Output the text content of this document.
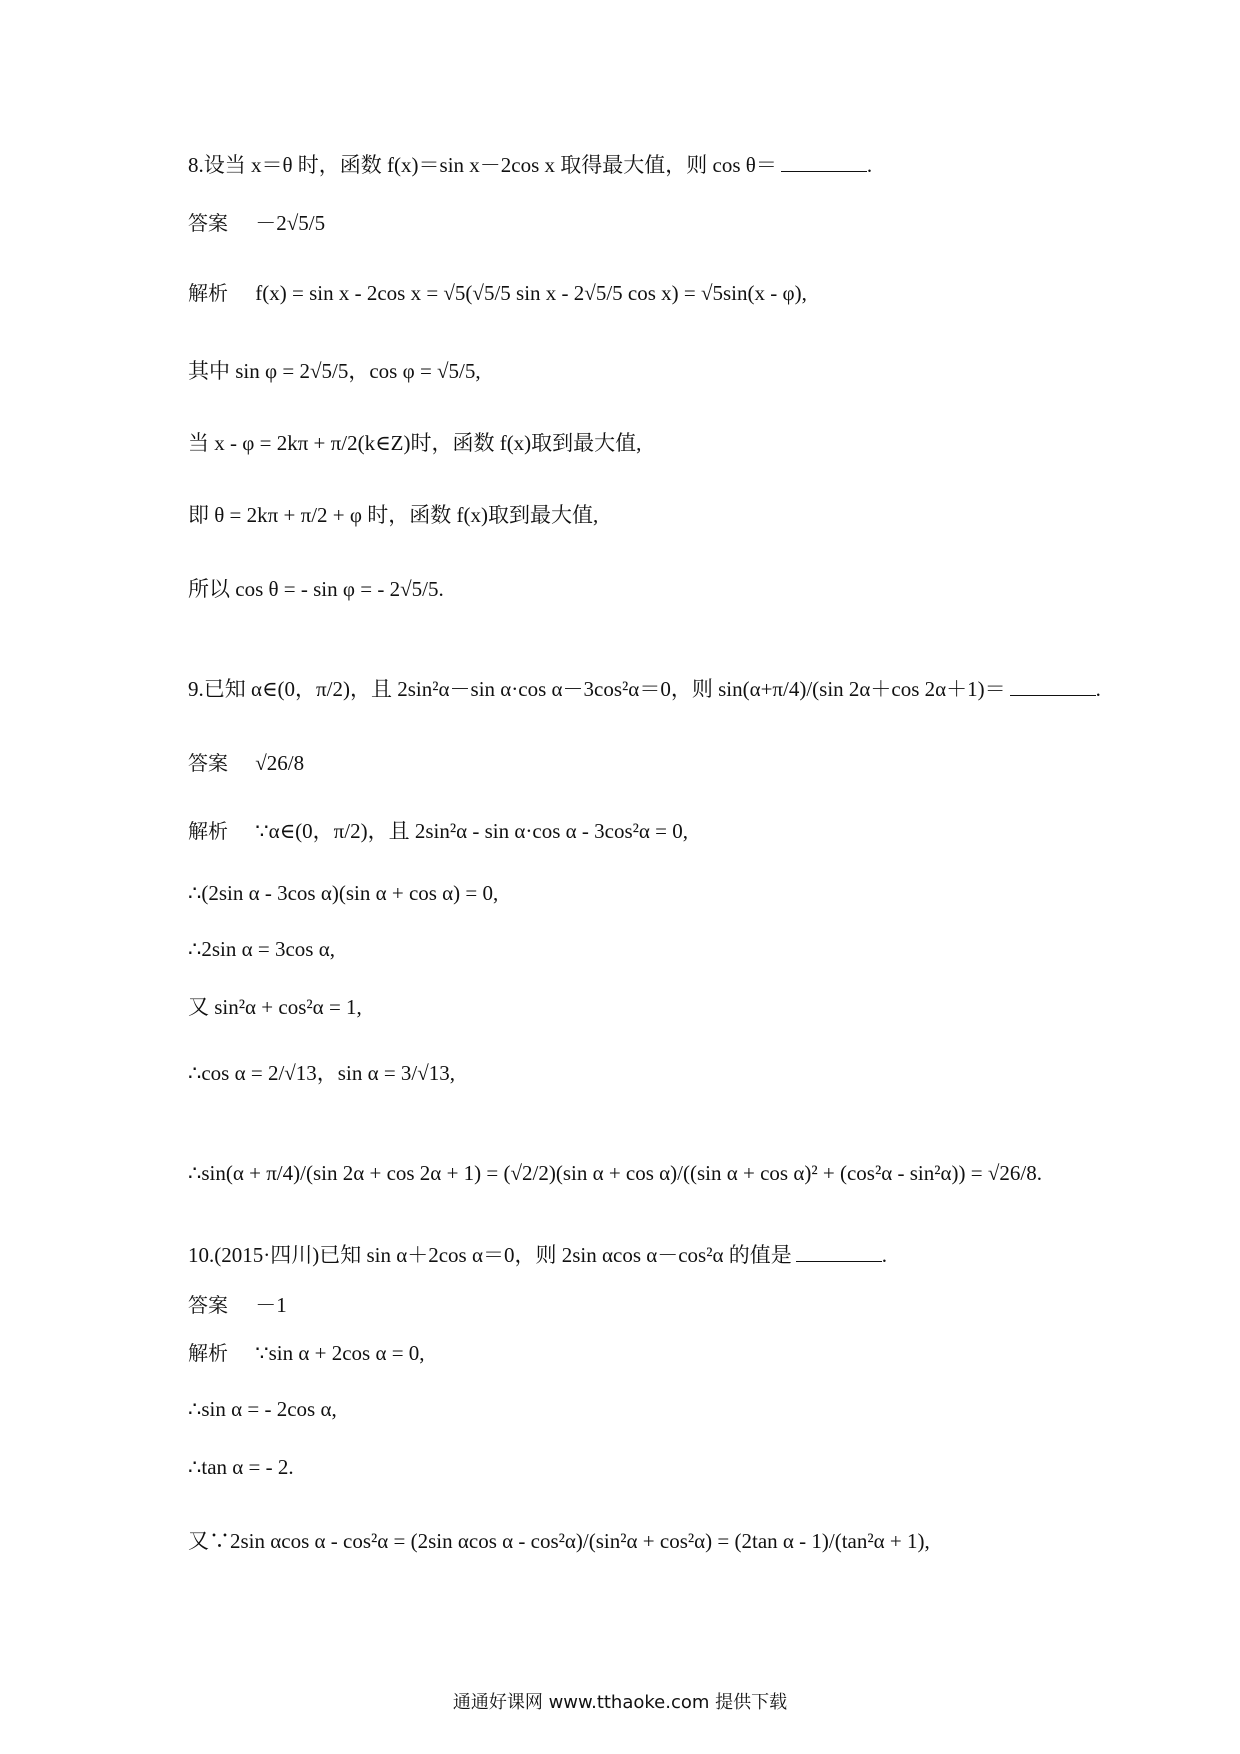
8.设当 x＝θ 时，函数 f(x)＝sin x－2cos x 取得最大值，则 cos θ＝	.
答案 －2√5/5
解析 f(x) = sin x - 2cos x = √5(√5/5 sin x - 2√5/5 cos x) = √5sin(x - φ),
其中 sin φ = 2√5/5，cos φ = √5/5,
当 x - φ = 2kπ + π/2(k∈Z)时，函数 f(x)取到最大值,
即 θ = 2kπ + π/2 + φ 时，函数 f(x)取到最大值,
所以 cos θ = - sin φ = - 2√5/5.
9.已知 α∈(0，π/2)，且 2sin²α－sin α·cos α－3cos²α＝0，则 sin(α+π/4)/(sin 2α＋cos 2α＋1)＝	.
答案 √26/8
解析 ∵α∈(0，π/2)，且 2sin²α - sin α·cos α - 3cos²α = 0,
∴(2sin α - 3cos α)(sin α + cos α) = 0,
∴2sin α = 3cos α,
又 sin²α + cos²α = 1,
∴cos α = 2/√13，sin α = 3/√13,
∴sin(α + π/4)/(sin 2α + cos 2α + 1) = (√2/2)(sin α + cos α)/((sin α + cos α)² + (cos²α - sin²α)) = √26/8.
10.(2015·四川)已知 sin α＋2cos α＝0，则 2sin αcos α－cos²α 的值是	.
答案 －1
解析 ∵sin α + 2cos α = 0,
∴sin α = - 2cos α,
∴tan α = - 2.
又∵2sin αcos α - cos²α = (2sin αcos α - cos²α)/(sin²α + cos²α) = (2tan α - 1)/(tan²α + 1),
通通好课网 www.tthaoke.com 提供下载
